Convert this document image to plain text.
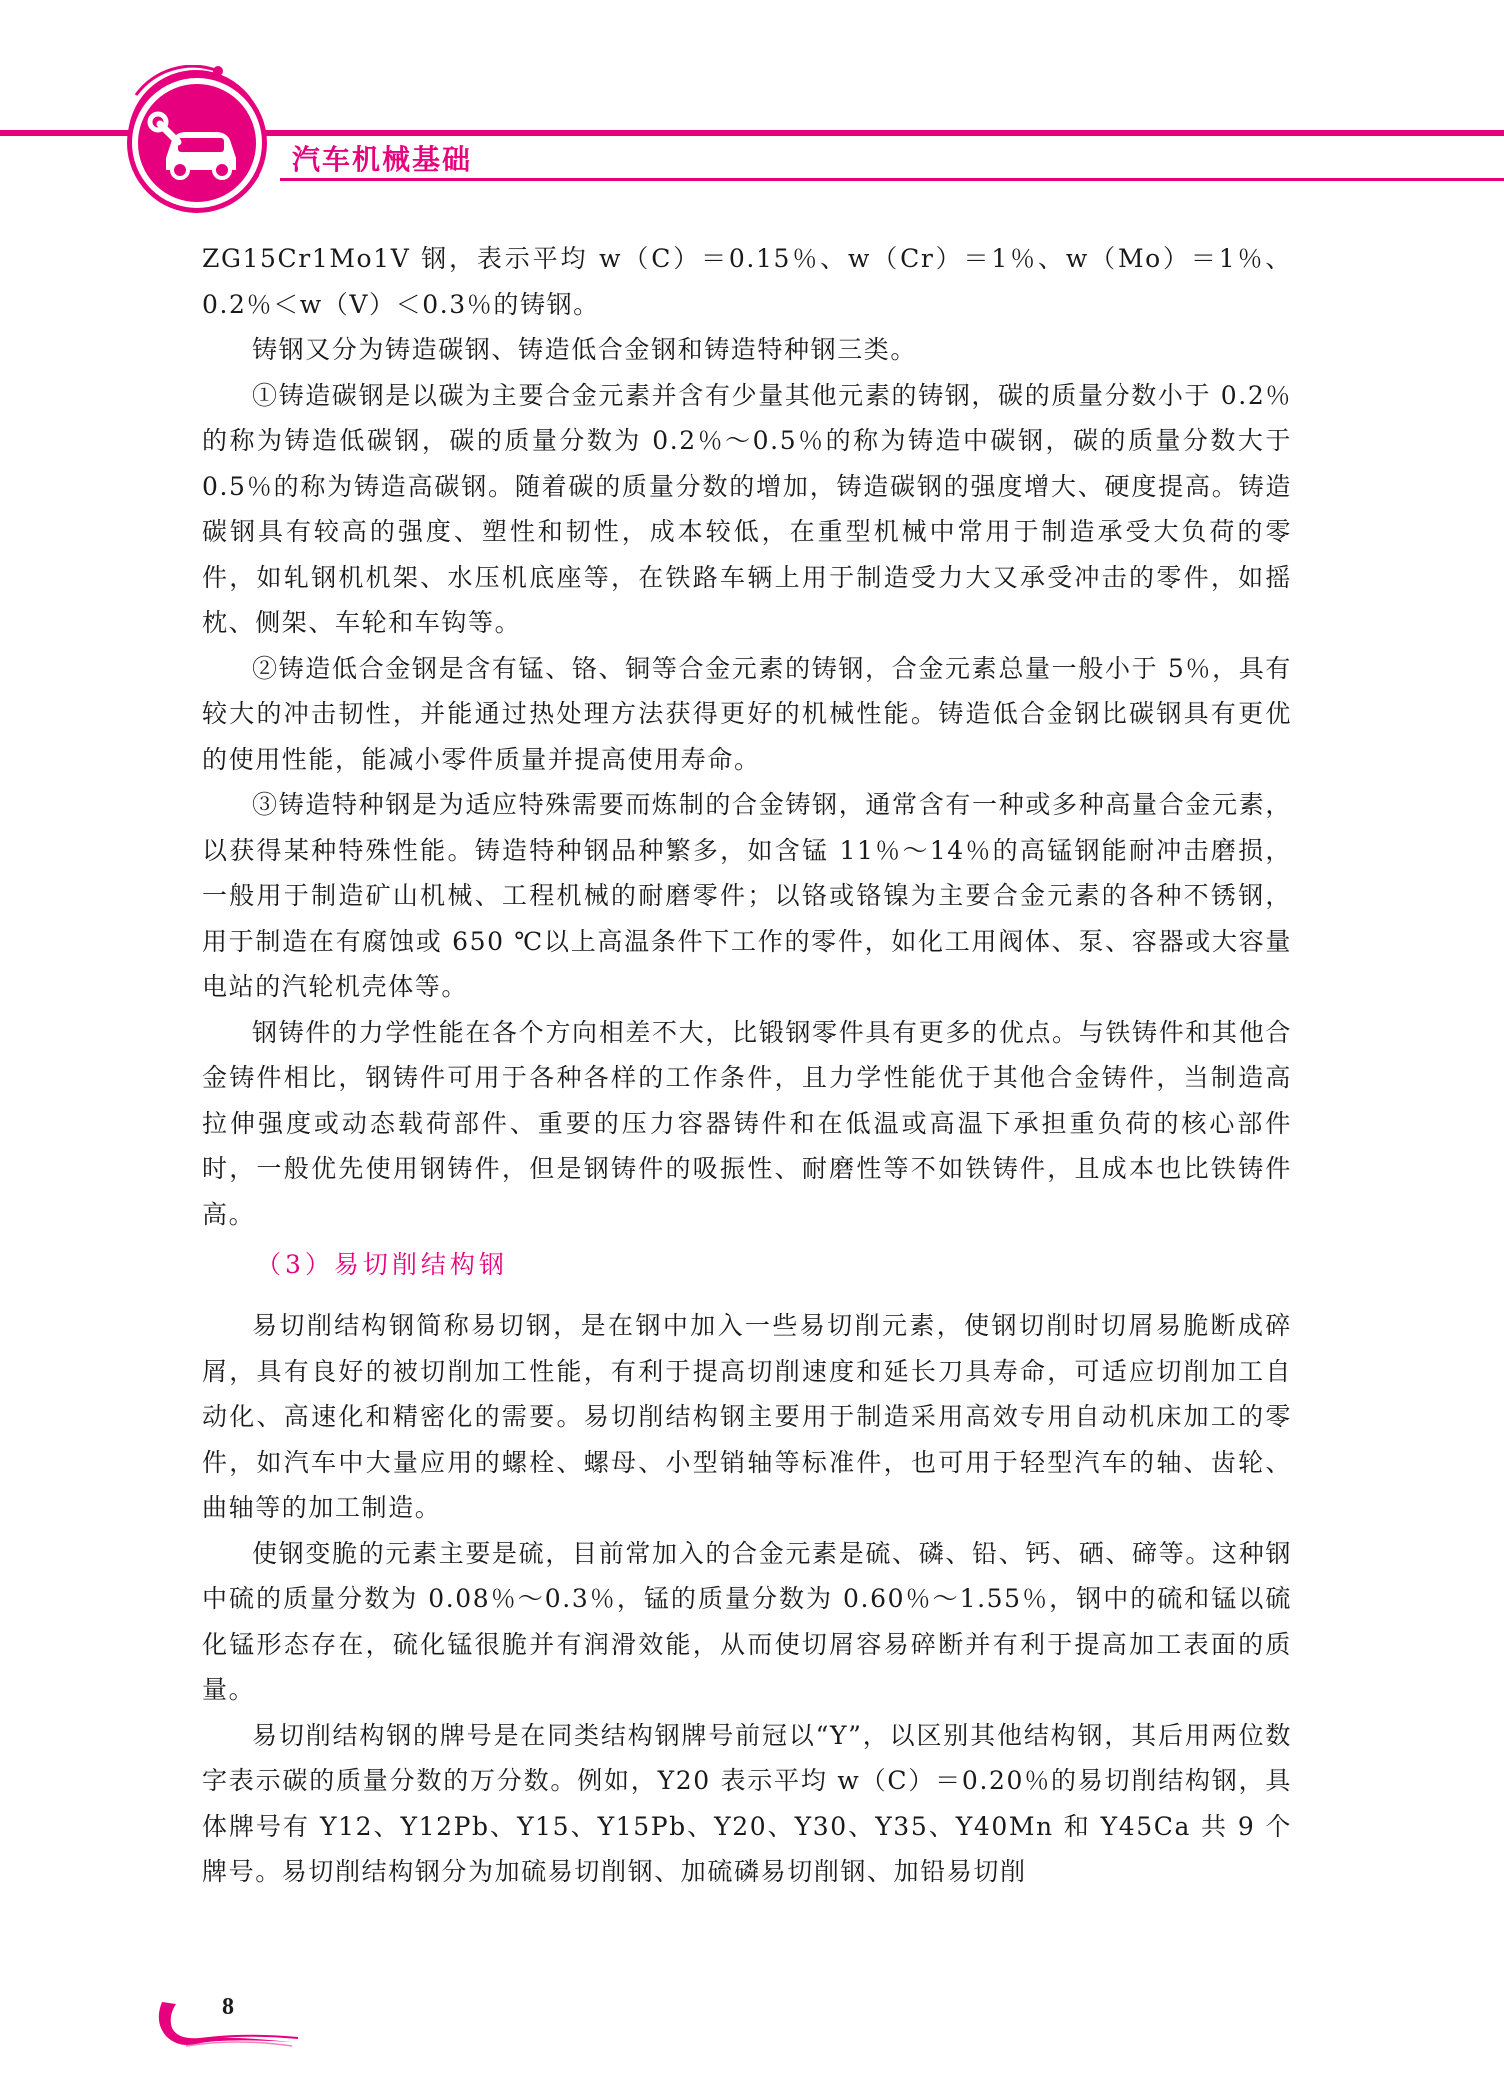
汽车机械基础

ZG15Cr1Mo1V 钢，表示平均 w（C）＝0.15％、w（Cr）＝1％、w（Mo）＝1％、0.2％＜w（V）＜0.3％的铸钢。

铸钢又分为铸造碳钢、铸造低合金钢和铸造特种钢三类。

①铸造碳钢是以碳为主要合金元素并含有少量其他元素的铸钢，碳的质量分数小于 0.2％的称为铸造低碳钢，碳的质量分数为 0.2％～0.5％的称为铸造中碳钢，碳的质量分数大于 0.5％的称为铸造高碳钢。随着碳的质量分数的增加，铸造碳钢的强度增大、硬度提高。铸造碳钢具有较高的强度、塑性和韧性，成本较低，在重型机械中常用于制造承受大负荷的零件，如轧钢机机架、水压机底座等，在铁路车辆上用于制造受力大又承受冲击的零件，如摇枕、侧架、车轮和车钩等。

②铸造低合金钢是含有锰、铬、铜等合金元素的铸钢，合金元素总量一般小于 5％，具有较大的冲击韧性，并能通过热处理方法获得更好的机械性能。铸造低合金钢比碳钢具有更优的使用性能，能减小零件质量并提高使用寿命。

③铸造特种钢是为适应特殊需要而炼制的合金铸钢，通常含有一种或多种高量合金元素，以获得某种特殊性能。铸造特种钢品种繁多，如含锰 11％～14％的高锰钢能耐冲击磨损，一般用于制造矿山机械、工程机械的耐磨零件；以铬或铬镍为主要合金元素的各种不锈钢，用于制造在有腐蚀或 650 ℃以上高温条件下工作的零件，如化工用阀体、泵、容器或大容量电站的汽轮机壳体等。

钢铸件的力学性能在各个方向相差不大，比锻钢零件具有更多的优点。与铁铸件和其他合金铸件相比，钢铸件可用于各种各样的工作条件，且力学性能优于其他合金铸件，当制造高拉伸强度或动态载荷部件、重要的压力容器铸件和在低温或高温下承担重负荷的核心部件时，一般优先使用钢铸件，但是钢铸件的吸振性、耐磨性等不如铁铸件，且成本也比铁铸件高。

（3）易切削结构钢

易切削结构钢简称易切钢，是在钢中加入一些易切削元素，使钢切削时切屑易脆断成碎屑，具有良好的被切削加工性能，有利于提高切削速度和延长刀具寿命，可适应切削加工自动化、高速化和精密化的需要。易切削结构钢主要用于制造采用高效专用自动机床加工的零件，如汽车中大量应用的螺栓、螺母、小型销轴等标准件，也可用于轻型汽车的轴、齿轮、曲轴等的加工制造。

使钢变脆的元素主要是硫，目前常加入的合金元素是硫、磷、铅、钙、硒、碲等。这种钢中硫的质量分数为 0.08％～0.3％，锰的质量分数为 0.60％～1.55％，钢中的硫和锰以硫化锰形态存在，硫化锰很脆并有润滑效能，从而使切屑容易碎断并有利于提高加工表面的质量。

易切削结构钢的牌号是在同类结构钢牌号前冠以“Y”，以区别其他结构钢，其后用两位数字表示碳的质量分数的万分数。例如，Y20 表示平均 w（C）＝0.20％的易切削结构钢，具体牌号有 Y12、Y12Pb、Y15、Y15Pb、Y20、Y30、Y35、Y40Mn 和 Y45Ca 共 9 个牌号。易切削结构钢分为加硫易切削钢、加硫磷易切削钢、加铅易切削

8
